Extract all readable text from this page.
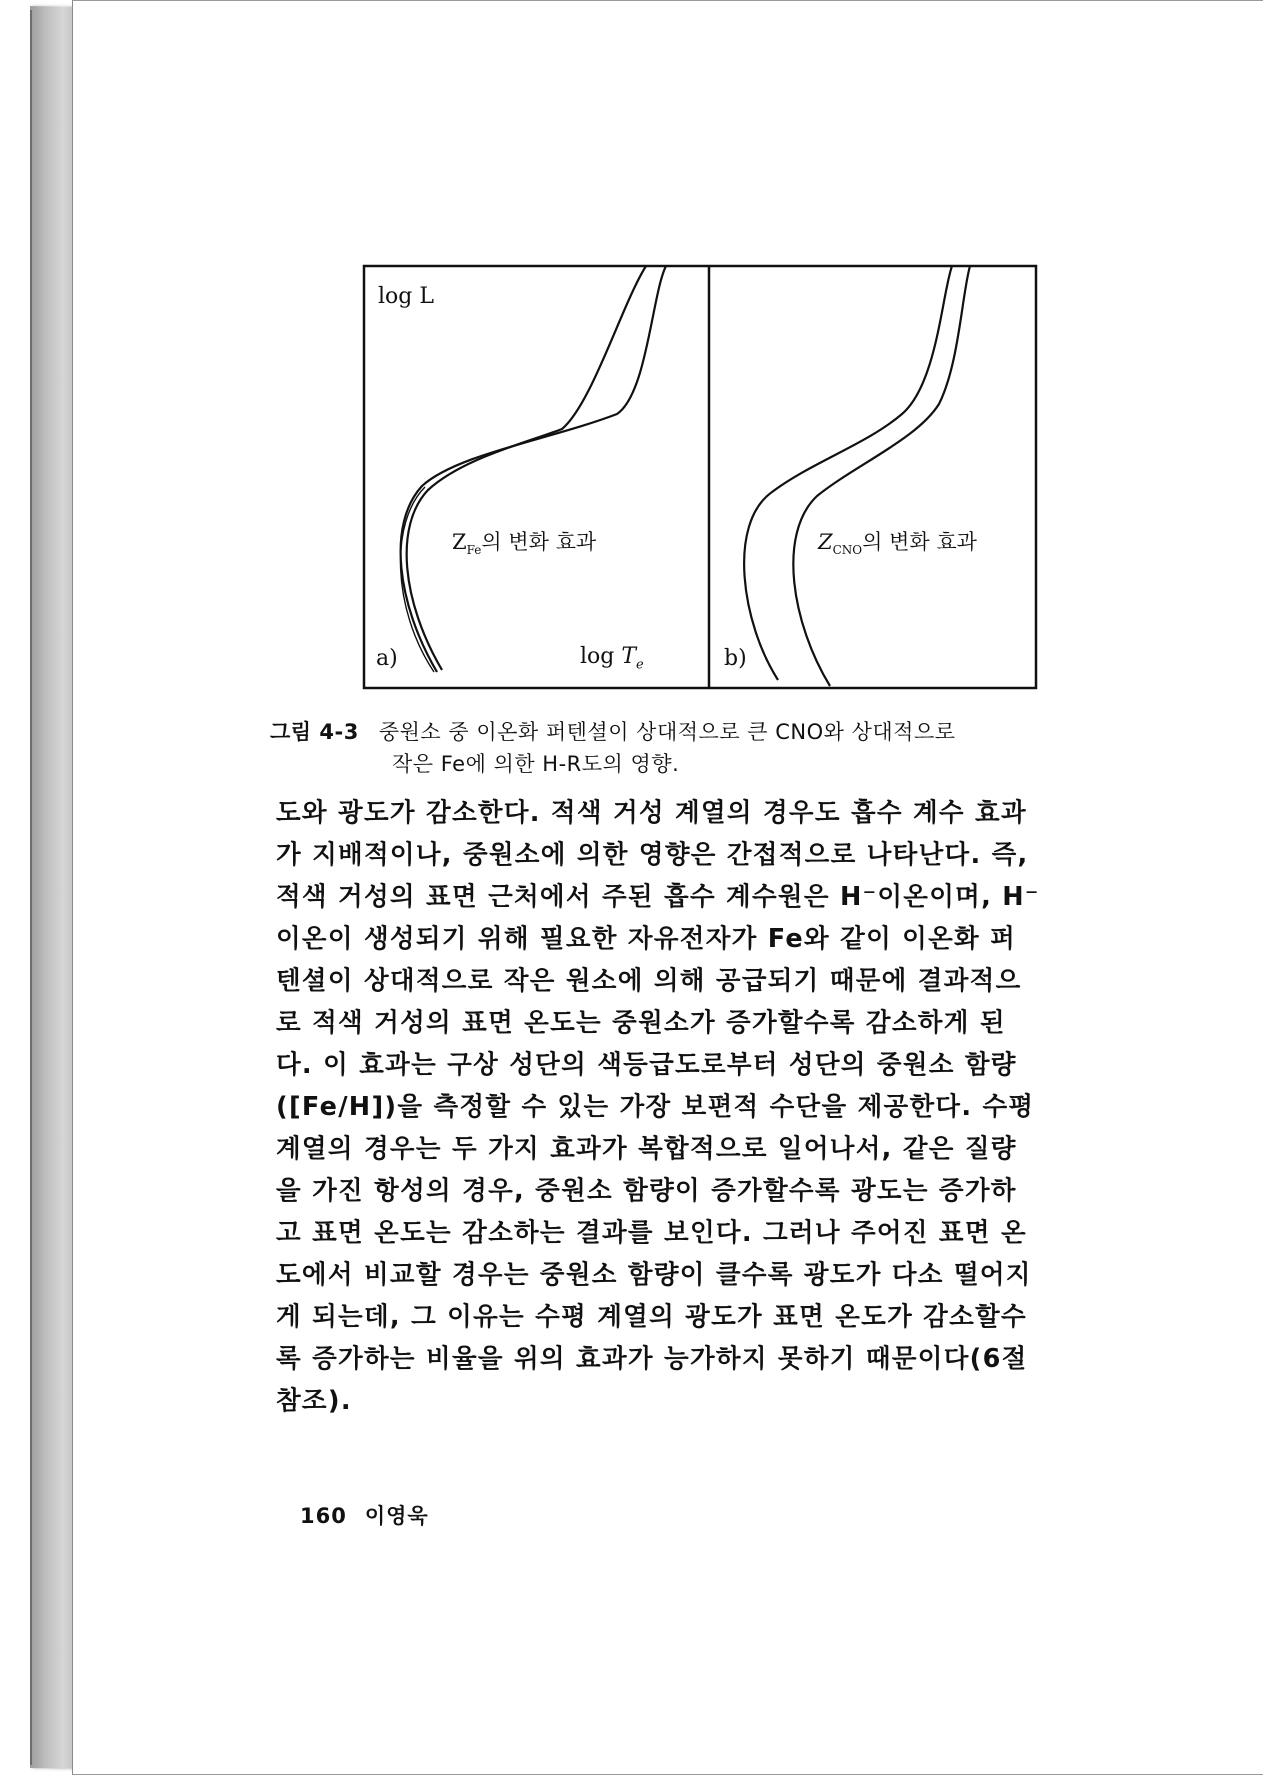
log L
a)	$\log T_e$
$Z_{Fe}$의 변화 효과
b)
$Z_{CNO}$의 변화 효과
그림 4-3 중원소 중 이온화 퍼텐셜이 상대적으로 큰 CNO와 상대적으로
작은 Fe에 의한 H-R도의 영향.
도와 광도가 감소한다. 적색 거성 계열의 경우도 흡수 계수 효과
가 지배적이나, 중원소에 의한 영향은 간접적으로 나타난다. 즉,
적색 거성의 표면 근처에서 주된 흡수 계수원은 H⁻이온이며, H⁻
이온이 생성되기 위해 필요한 자유전자가 Fe와 같이 이온화 퍼
텐셜이 상대적으로 작은 원소에 의해 공급되기 때문에 결과적으
로 적색 거성의 표면 온도는 중원소가 증가할수록 감소하게 된
다. 이 효과는 구상 성단의 색등급도로부터 성단의 중원소 함량
([Fe/H])을 측정할 수 있는 가장 보편적 수단을 제공한다. 수평
계열의 경우는 두 가지 효과가 복합적으로 일어나서, 같은 질량
을 가진 항성의 경우, 중원소 함량이 증가할수록 광도는 증가하
고 표면 온도는 감소하는 결과를 보인다. 그러나 주어진 표면 온
도에서 비교할 경우는 중원소 함량이 클수록 광도가 다소 떨어지
게 되는데, 그 이유는 수평 계열의 광도가 표면 온도가 감소할수
록 증가하는 비율을 위의 효과가 능가하지 못하기 때문이다(6절
참조).
160 이영욱
